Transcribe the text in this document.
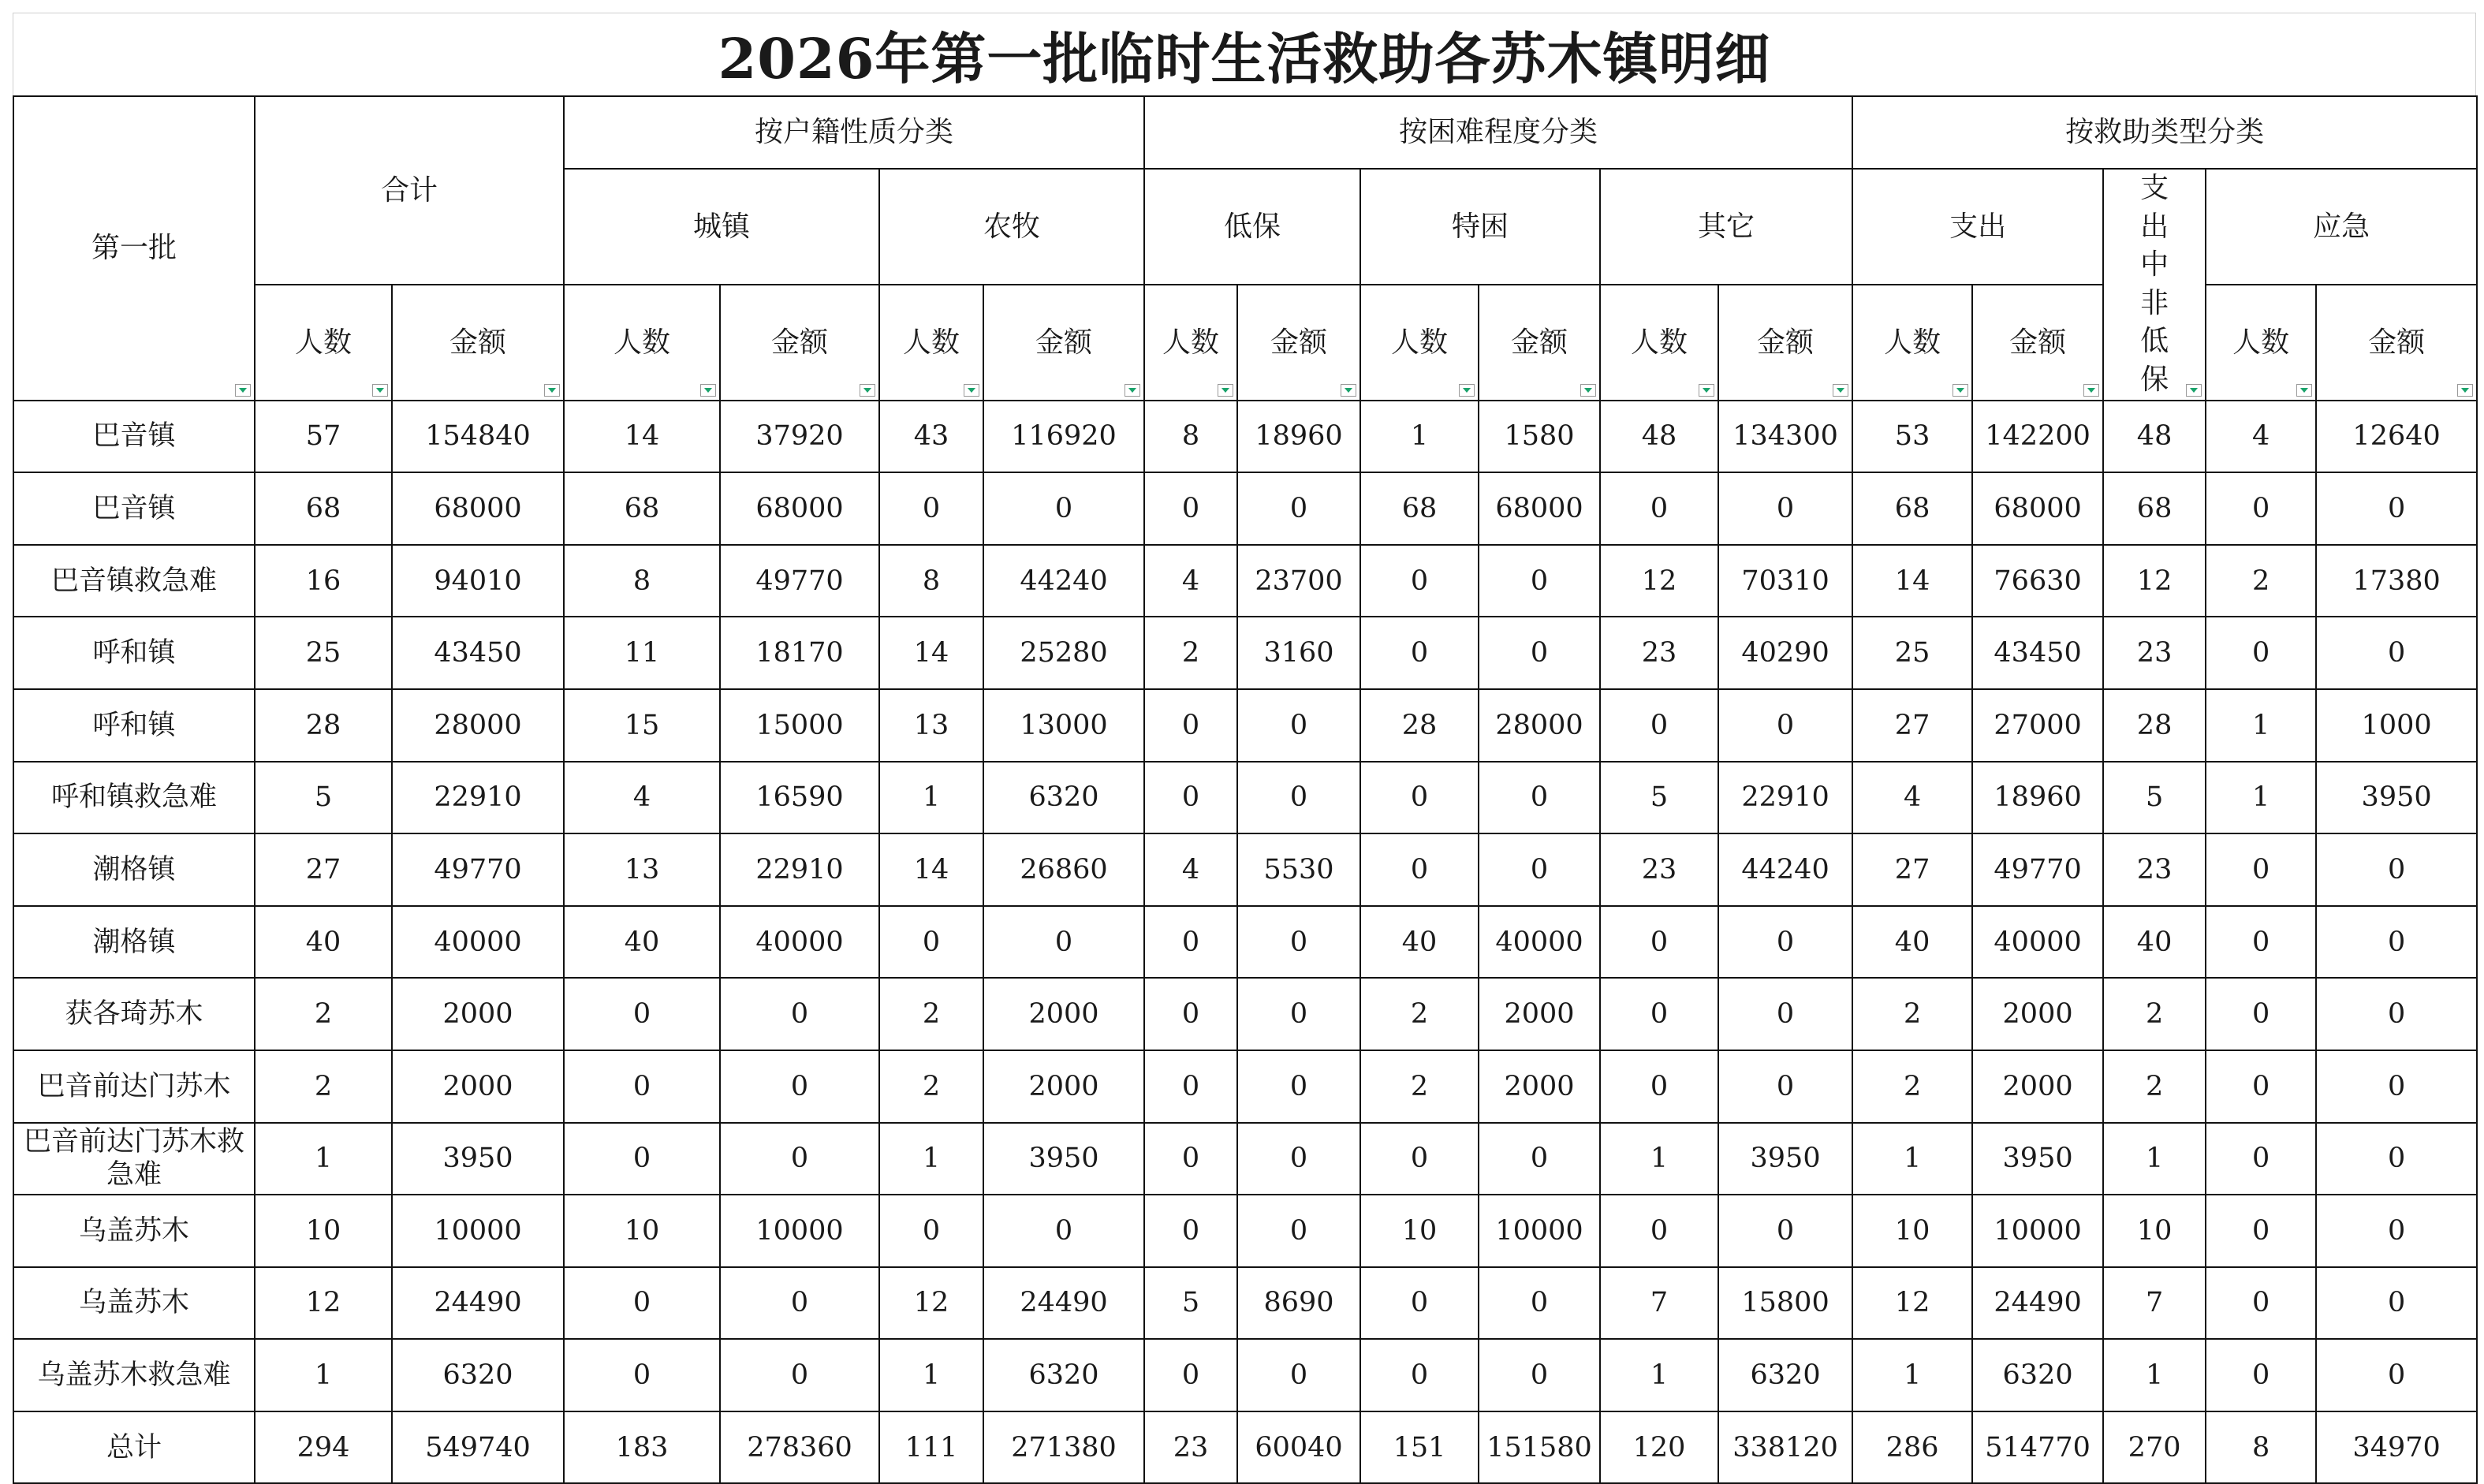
2026年第一批临时生活救助各苏木镇明细
第一批	合计		按户籍性质分类				按困难程度分类						按救助类型分类				
			城镇		农牧		低保		特困		其它		支出		支出中非低保	应急	
	人数	金额	人数	金额	人数	金额	人数	金额	人数	金额	人数	金额	人数	金额		人数	金额

巴音镇	57	154840	14	37920	43	116920	8	18960	1	1580	48	134300	53	142200	48	4	12640
巴音镇	68	68000	68	68000	0	0	0	0	68	68000	0	0	68	68000	68	0	0
巴音镇救急难	16	94010	8	49770	8	44240	4	23700	0	0	12	70310	14	76630	12	2	17380
呼和镇	25	43450	11	18170	14	25280	2	3160	0	0	23	40290	25	43450	23	0	0
呼和镇	28	28000	15	15000	13	13000	0	0	28	28000	0	0	27	27000	28	1	1000
呼和镇救急难	5	22910	4	16590	1	6320	0	0	0	0	5	22910	4	18960	5	1	3950
潮格镇	27	49770	13	22910	14	26860	4	5530	0	0	23	44240	27	49770	23	0	0
潮格镇	40	40000	40	40000	0	0	0	0	40	40000	0	0	40	40000	40	0	0
获各琦苏木	2	2000	0	0	2	2000	0	0	2	2000	0	0	2	2000	2	0	0
巴音前达门苏木	2	2000	0	0	2	2000	0	0	2	2000	0	0	2	2000	2	0	0
巴音前达门苏木救急难	1	3950	0	0	1	3950	0	0	0	0	1	3950	1	3950	1	0	0
乌盖苏木	10	10000	10	10000	0	0	0	0	10	10000	0	0	10	10000	10	0	0
乌盖苏木	12	24490	0	0	12	24490	5	8690	0	0	7	15800	12	24490	7	0	0
乌盖苏木救急难	1	6320	0	0	1	6320	0	0	0	0	1	6320	1	6320	1	0	0
总计	294	549740	183	278360	111	271380	23	60040	151	151580	120	338120	286	514770	270	8	34970
